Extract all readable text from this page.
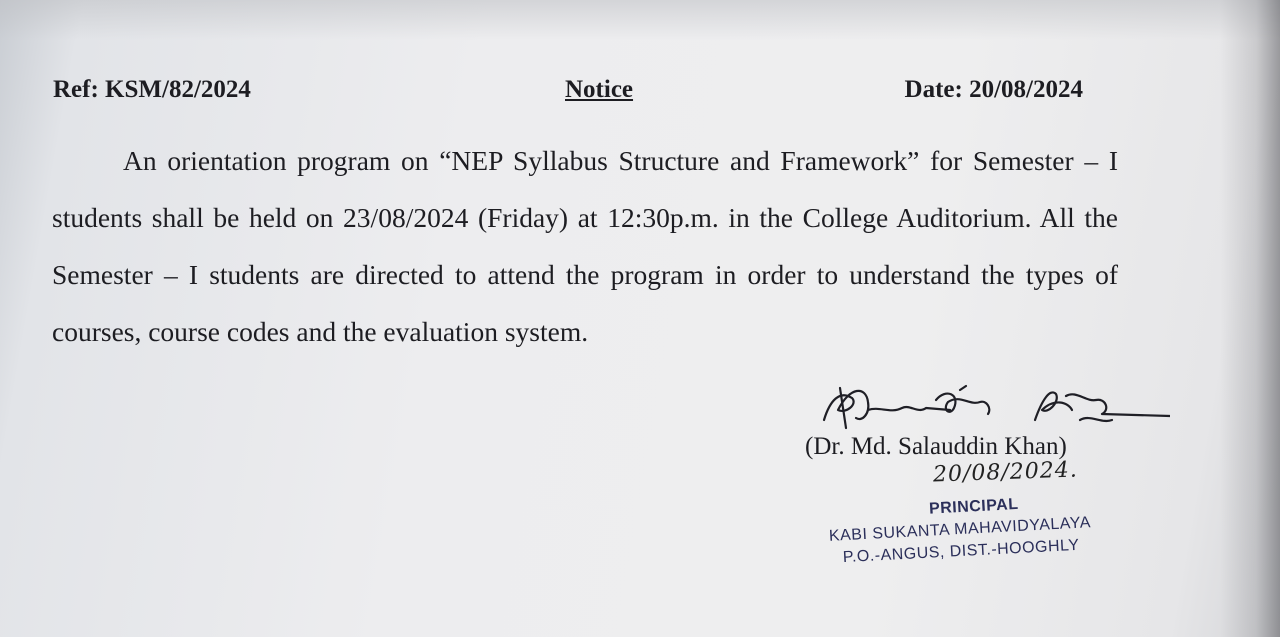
Ref: KSM/82/2024	Notice	Date: 20/08/2024

An orientation program on “NEP Syllabus Structure and Framework” for Semester – I students shall be held on 23/08/2024 (Friday) at 12:30p.m. in the College Auditorium. All the Semester – I students are directed to attend the program in order to understand the types of courses, course codes and the evaluation system.

(Dr. Md. Salauddin Khan)
20/08/2024.
PRINCIPAL
KABI SUKANTA MAHAVIDYALAYA
P.O.-ANGUS, DIST.-HOOGHLY
